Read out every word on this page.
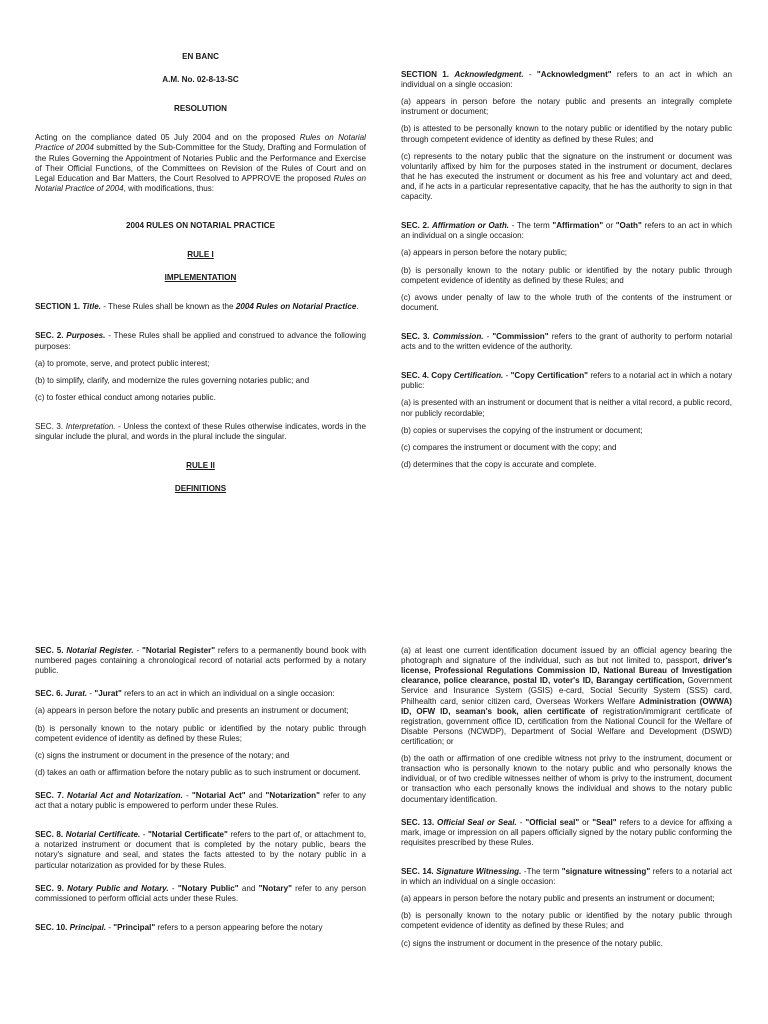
EN BANC

A.M. No. 02-8-13-SC

RESOLUTION

Acting on the compliance dated 05 July 2004 and on the proposed Rules on Notarial Practice of 2004 submitted by the Sub-Committee for the Study, Drafting and Formulation of the Rules Governing the Appointment of Notaries Public and the Performance and Exercise of Their Official Functions, of the Committees on Revision of the Rules of Court and on Legal Education and Bar Matters, the Court Resolved to APPROVE the proposed Rules on Notarial Practice of 2004, with modifications, thus:

2004 RULES ON NOTARIAL PRACTICE

RULE I

IMPLEMENTATION

SECTION 1. Title. - These Rules shall be known as the 2004 Rules on Notarial Practice.

SEC. 2. Purposes. - These Rules shall be applied and construed to advance the following purposes:

(a) to promote, serve, and protect public interest;

(b) to simplify, clarify, and modernize the rules governing notaries public; and

(c) to foster ethical conduct among notaries public.

SEC. 3. Interpretation. - Unless the context of these Rules otherwise indicates, words in the singular include the plural, and words in the plural include the singular.

RULE II

DEFINITIONS

SECTION 1. Acknowledgment. - "Acknowledgment" refers to an act in which an individual on a single occasion:

(a) appears in person before the notary public and presents an integrally complete instrument or document;

(b) is attested to be personally known to the notary public or identified by the notary public through competent evidence of identity as defined by these Rules; and

(c) represents to the notary public that the signature on the instrument or document was voluntarily affixed by him for the purposes stated in the instrument or document, declares that he has executed the instrument or document as his free and voluntary act and deed, and, if he acts in a particular representative capacity, that he has the authority to sign in that capacity.

SEC. 2. Affirmation or Oath. - The term "Affirmation" or "Oath" refers to an act in which an individual on a single occasion:

(a) appears in person before the notary public;

(b) is personally known to the notary public or identified by the notary public through competent evidence of identity as defined by these Rules; and

(c) avows under penalty of law to the whole truth of the contents of the instrument or document.

SEC. 3. Commission. - "Commission" refers to the grant of authority to perform notarial acts and to the written evidence of the authority.

SEC. 4. Copy Certification. - "Copy Certification" refers to a notarial act in which a notary public:

(a) is presented with an instrument or document that is neither a vital record, a public record, nor publicly recordable;

(b) copies or supervises the copying of the instrument or document;

(c) compares the instrument or document with the copy; and

(d) determines that the copy is accurate and complete.

SEC. 5. Notarial Register. - "Notarial Register" refers to a permanently bound book with numbered pages containing a chronological record of notarial acts performed by a notary public.

SEC. 6. Jurat. - "Jurat" refers to an act in which an individual on a single occasion:

(a) appears in person before the notary public and presents an instrument or document;

(b) is personally known to the notary public or identified by the notary public through competent evidence of identity as defined by these Rules;

(c) signs the instrument or document in the presence of the notary; and

(d) takes an oath or affirmation before the notary public as to such instrument or document.

SEC. 7. Notarial Act and Notarization. - "Notarial Act" and "Notarization" refer to any act that a notary public is empowered to perform under these Rules.

SEC. 8. Notarial Certificate. - "Notarial Certificate" refers to the part of, or attachment to, a notarized instrument or document that is completed by the notary public, bears the notary's signature and seal, and states the facts attested to by the notary public in a particular notarization as provided for by these Rules.

SEC. 9. Notary Public and Notary. - "Notary Public" and "Notary" refer to any person commissioned to perform official acts under these Rules.

SEC. 10. Principal. - "Principal" refers to a person appearing before the notary

(a) at least one current identification document issued by an official agency bearing the photograph and signature of the individual, such as but not limited to, passport, driver's license, Professional Regulations Commission ID, National Bureau of Investigation clearance, police clearance, postal ID, voter's ID, Barangay certification, Government Service and Insurance System (GSIS) e-card, Social Security System (SSS) card, Philhealth card, senior citizen card, Overseas Workers Welfare Administration (OWWA) ID, OFW ID, seaman's book, alien certificate of registration/immigrant certificate of registration, government office ID, certification from the National Council for the Welfare of Disable Persons (NCWDP), Department of Social Welfare and Development (DSWD) certification; or

(b) the oath or affirmation of one credible witness not privy to the instrument, document or transaction who is personally known to the notary public and who personally knows the individual, or of two credible witnesses neither of whom is privy to the instrument, document or transaction who each personally knows the individual and shows to the notary public documentary identification.

SEC. 13. Official Seal or Seal. - "Official seal" or "Seal" refers to a device for affixing a mark, image or impression on all papers officially signed by the notary public conforming the requisites prescribed by these Rules.

SEC. 14. Signature Witnessing. -The term "signature witnessing" refers to a notarial act in which an individual on a single occasion:

(a) appears in person before the notary public and presents an instrument or document;

(b) is personally known to the notary public or identified by the notary public through competent evidence of identity as defined by these Rules; and

(c) signs the instrument or document in the presence of the notary public.
